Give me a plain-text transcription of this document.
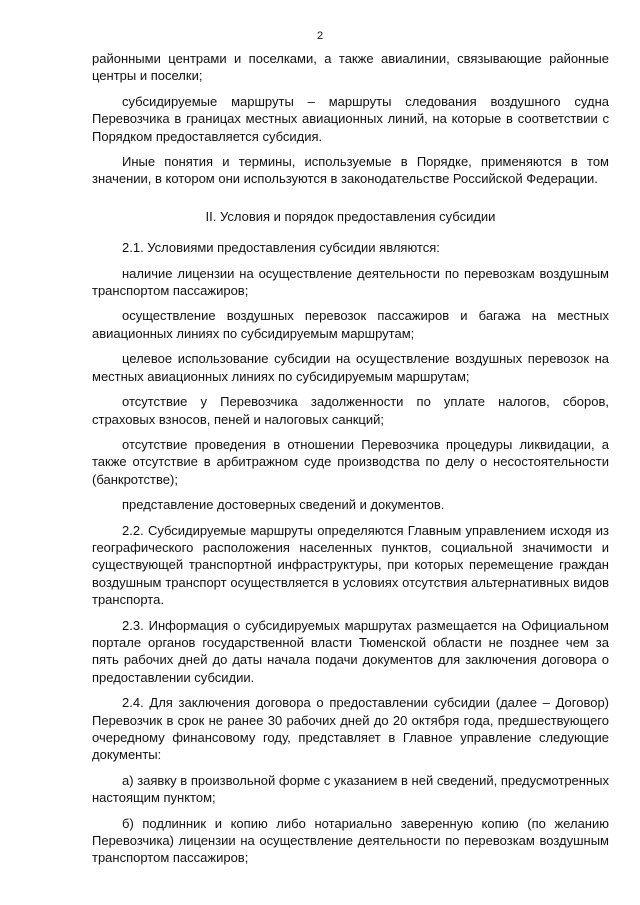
2

районными центрами и поселками, а также авиалинии, связывающие районные центры и поселки;

субсидируемые маршруты – маршруты следования воздушного судна Перевозчика в границах местных авиационных линий, на которые в соответствии с Порядком предоставляется субсидия.

Иные понятия и термины, используемые в Порядке, применяются в том значении, в котором они используются в законодательстве Российской Федерации.

II. Условия и порядок предоставления субсидии

2.1. Условиями предоставления субсидии являются:

наличие лицензии на осуществление деятельности по перевозкам воздушным транспортом пассажиров;

осуществление воздушных перевозок пассажиров и багажа на местных авиационных линиях по субсидируемым маршрутам;

целевое использование субсидии на осуществление воздушных перевозок на местных авиационных линиях по субсидируемым маршрутам;

отсутствие у Перевозчика задолженности по уплате налогов, сборов, страховых взносов, пеней и налоговых санкций;

отсутствие проведения в отношении Перевозчика процедуры ликвидации, а также отсутствие в арбитражном суде производства по делу о несостоятельности (банкротстве);

представление достоверных сведений и документов.

2.2. Субсидируемые маршруты определяются Главным управлением исходя из географического расположения населенных пунктов, социальной значимости и существующей транспортной инфраструктуры, при которых перемещение граждан воздушным транспорт осуществляется в условиях отсутствия альтернативных видов транспорта.

2.3. Информация о субсидируемых маршрутах размещается на Официальном портале органов государственной власти Тюменской области не позднее чем за пять рабочих дней до даты начала подачи документов для заключения договора о предоставлении субсидии.

2.4. Для заключения договора о предоставлении субсидии (далее – Договор) Перевозчик в срок не ранее 30 рабочих дней до 20 октября года, предшествующего очередному финансовому году, представляет в Главное управление следующие документы:

а) заявку в произвольной форме с указанием в ней сведений, предусмотренных настоящим пунктом;

б) подлинник и копию либо нотариально заверенную копию (по желанию Перевозчика) лицензии на осуществление деятельности по перевозкам воздушным транспортом пассажиров;
